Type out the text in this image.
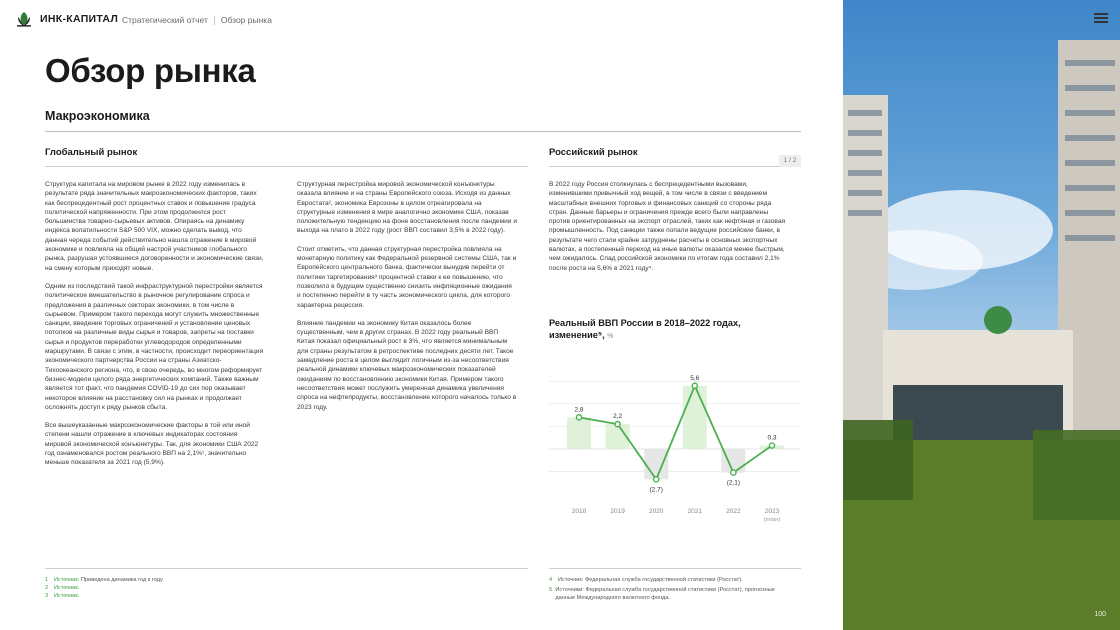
ИНК-КАПИТАЛ Стратегический отчет Обзор рынка
Обзор рынка
Макроэкономика
Глобальный рынок	Российский рынок
1 / 2

Структура капитала на мировом рынке в 2022 году изменилась в результате ряда значительных макроэкономических факторов, таких как беспрецедентный рост процентных ставок и повышение градуса политической напряженности. При этом продолжился рост большинства товарно-сырьевых активов. Опираясь на динамику индекса волатильности S&P 500 VIX, можно сделать вывод, что данная череда событий действительно нашла отражение в мировой экономике и повлияла на общий настрой участников глобального рынка, разрушая устоявшиеся договоренности и экономические связи, на смену которым приходят новые.

Одним из последствий такой инфраструктурной перестройки является политическое вмешательство в рыночное регулирование спроса и предложения в различных секторах экономики, в том числе в сырьевом. Примером такого перехода могут служить множественные санкции, введение торговых ограничений и установление ценовых потолков на различные виды сырья и товаров, запреты на поставки сырья и продуктов переработки углеводородов определенными маршрутами. В связи с этим, в частности, происходит переориентация экономического партнерства России на страны Азиатско-Тихоокеанского региона, что, в свою очередь, во многом реформирует бизнес-модели целого ряда энергетических компаний. Также важным является тот факт, что пандемия COVID-19 до сих пор оказывает некоторое влияние на расстановку сил на рынках и продолжает осложнять доступ к ряду рынков сбыта.

Все вышеуказанные макроэкономические факторы в той или иной степени нашли отражение в ключевых индикаторах состояния мировой экономической конъюнктуры. Так, для экономики США 2022 год ознаменовался ростом реального ВВП на 2,1%¹, значительно меньше показателя за 2021 год (5,9%).

Структурная перестройка мировой экономической конъюнктуры оказала влияние и на страны Европейского союза. Исходя из данных Евростата², экономика Еврозоны в целом отреагировала на структурные изменения в мире аналогично экономике США, показав положительную тенденцию на фоне восстановления после пандемии и выхода на плато в 2022 году (рост ВВП составил 3,5% в 2022 году).

Стоит отметить, что данная структурная перестройка повлияла на монетарную политику как Федеральной резервной системы США, так и Европейского центрального банка, фактически вынудив перейти от политики таргетирования³ процентной ставки к ее повышению, что позволило в будущем существенно снизить инфляционные ожидания и постепенно перейти в ту часть экономического цикла, для которого характерна рецессия.

Влияние пандемии на экономику Китая оказалось более существенным, чем в других странах. В 2022 году реальный ВВП Китая показал официальный рост в 3%, что является минимальным для страны результатом в ретроспективе последних десяти лет. Такое замедление роста в целом выглядит логичным из-за несоответствия реальной динамики ключевых макроэкономических показателей ожиданиям по восстановлению экономики Китая. Примером такого несоответствия может послужить умеренная динамика увеличения спроса на нефтепродукты, восстановление которого началось только в 2023 году.

В 2022 году Россия столкнулась с беспрецедентными вызовами, изменившими привычный ход вещей, в том числе в связи с введением масштабных внешних торговых и финансовых санкций со стороны ряда стран. Данные барьеры и ограничения прежде всего были направлены против ориентированных на экспорт отраслей, таких как нефтяная и газовая промышленность. Под санкции также попали ведущие российские банки, в результате чего стали крайне затруднены расчеты в основных экспортных валютах, а постепенный переход на иные валюты оказался менее быстрым, чем ожидалось. Спад российской экономики по итогам года составил 2,1% после роста на 5,6% в 2021 году⁴.

Реальный ВВП России в 2018–2022 годах, изменение⁵, %
2,8
2,2
(2,7)
5,6
(2,1)
0,3
2018	2019	2020	2021	2022	2023
(план)
1 Источник: Приведена динамика год к году.
2 Источник.
3 Источник.
4	Источник: Федеральная служба государственной статистики (Росстат).
5 Источники: Федеральная служба государственной статистики (Росстат), прогнозные данные Международного валютного фонда.
100
